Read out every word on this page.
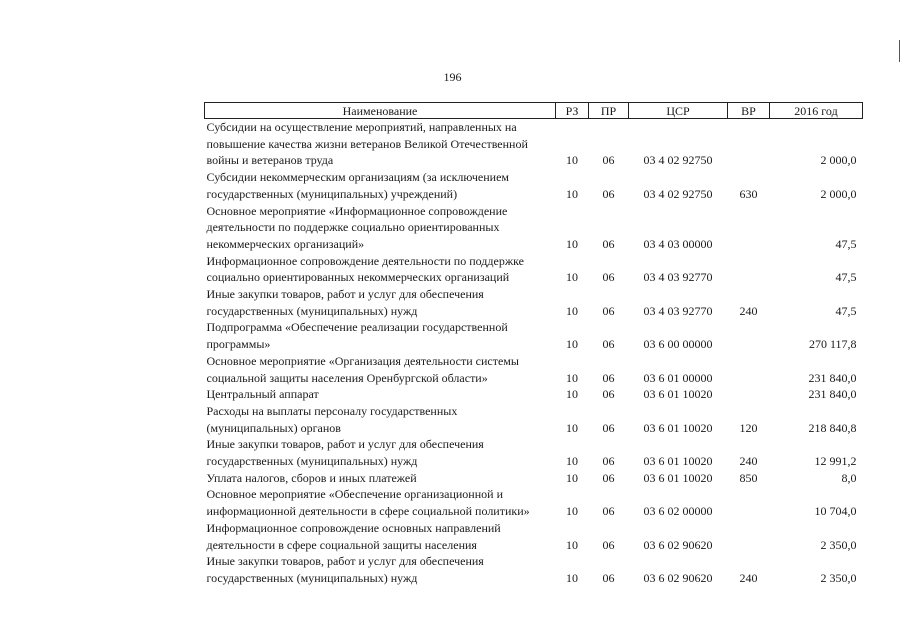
196
Наименование	РЗ	ПР	ЦСР	ВР	2016 год

Субсидии на осуществление мероприятий, направленных на
повышение качества жизни ветеранов Великой Отечественной
войны и ветеранов труда	10	06	03 4 02 92750		2 000,0

Субсидии некоммерческим организациям (за исключением
государственных (муниципальных) учреждений)	10	06	03 4 02 92750	630	2 000,0

Основное мероприятие «Информационное сопровождение
деятельности по поддержке социально ориентированных
некоммерческих организаций»	10	06	03 4 03 00000		47,5

Информационное сопровождение деятельности по поддержке
социально ориентированных некоммерческих организаций	10	06	03 4 03 92770		47,5

Иные закупки товаров, работ и услуг для обеспечения
государственных (муниципальных) нужд	10	06	03 4 03 92770	240	47,5

Подпрограмма «Обеспечение реализации государственной
программы»	10	06	03 6 00 00000		270 117,8

Основное мероприятие «Организация деятельности системы
социальной защиты населения Оренбургской области»	10	06	03 6 01 00000		231 840,0

Центральный аппарат	10	06	03 6 01 10020		231 840,0

Расходы на выплаты персоналу государственных
(муниципальных) органов	10	06	03 6 01 10020	120	218 840,8

Иные закупки товаров, работ и услуг для обеспечения
государственных (муниципальных) нужд	10	06	03 6 01 10020	240	12 991,2

Уплата налогов, сборов и иных платежей	10	06	03 6 01 10020	850	8,0

Основное мероприятие «Обеспечение организационной и
информационной деятельности в сфере социальной политики»	10	06	03 6 02 00000		10 704,0

Информационное сопровождение основных направлений
деятельности в сфере социальной защиты населения	10	06	03 6 02 90620		2 350,0

Иные закупки товаров, работ и услуг для обеспечения
государственных (муниципальных) нужд	10	06	03 6 02 90620	240	2 350,0
